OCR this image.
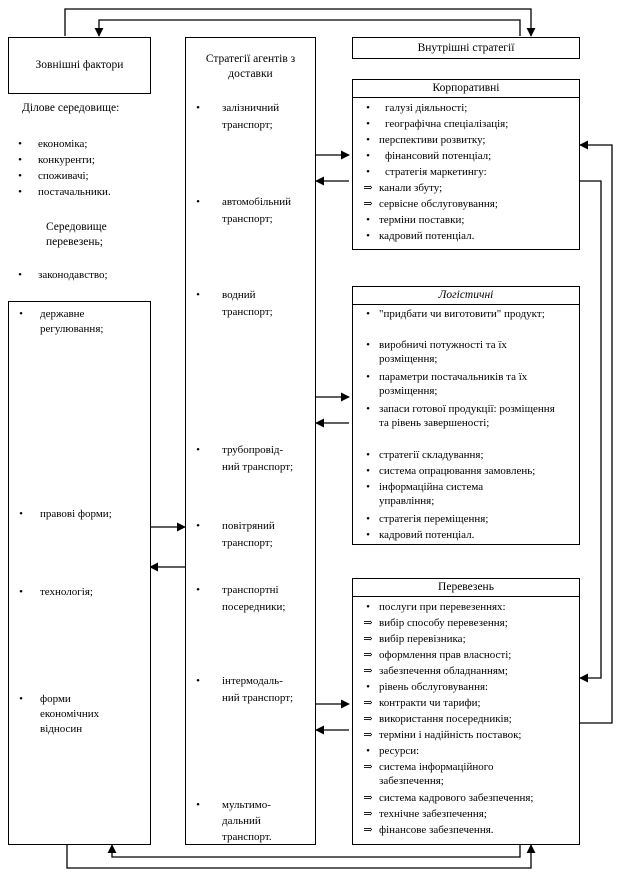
Зовнішні фактори
Ділове середовище:
•	економіка;
•	конкуренти;
•	споживачі;
•	постачальники.
Середовище
перевезень;
•	законодавство;
•	державне
регулювання;
•	правові форми;
•	технологія;
•	форми
економічних
відносин
Стратегії агентів з
доставки
•	залізничний
транспорт;
•	автомобільний
транспорт;
•	водний
транспорт;
•	трубопровід-
ний транспорт;
•	повітряний
транспорт;
•	транспортні
посередники;
•	інтермодаль-
ний транспорт;
•	мультимо-
дальний
транспорт.
Внутрішні стратегії
Корпоративні
•	галузі діяльності;
•	географічна спеціалізація;
• перспективи розвитку;
•	фінансовий потенціал;
•	стратегія маркетингу:
⇒ канали збуту;
⇒ сервісне обслуговування;
• терміни поставки;
• кадровий потенціал.
Логістичні
• "придбати чи виготовити" продукт;
• виробничі потужності та їх розміщення;
• параметри постачальників та їх розміщення;
• запаси готової продукції: розміщення та рівень завершеності;
• стратегії складування;
• система опрацювання замовлень;
• інформаційна система управління;
• стратегія переміщення;
• кадровий потенціал.
Перевезень
• послуги при перевезеннях:
⇒ вибір способу перевезення;
⇒ вибір перевізника;
⇒ оформлення прав власності;
⇒ забезпечення обладнанням;
• рівень обслуговування:
⇒ контракти чи тарифи;
⇒ використання посередників;
⇒ терміни і надійність поставок;
• ресурси:
⇒ система інформаційного забезпечення;
⇒ система кадрового забезпечення;
⇒ технічне забезпечення;
⇒ фінансове забезпечення.
